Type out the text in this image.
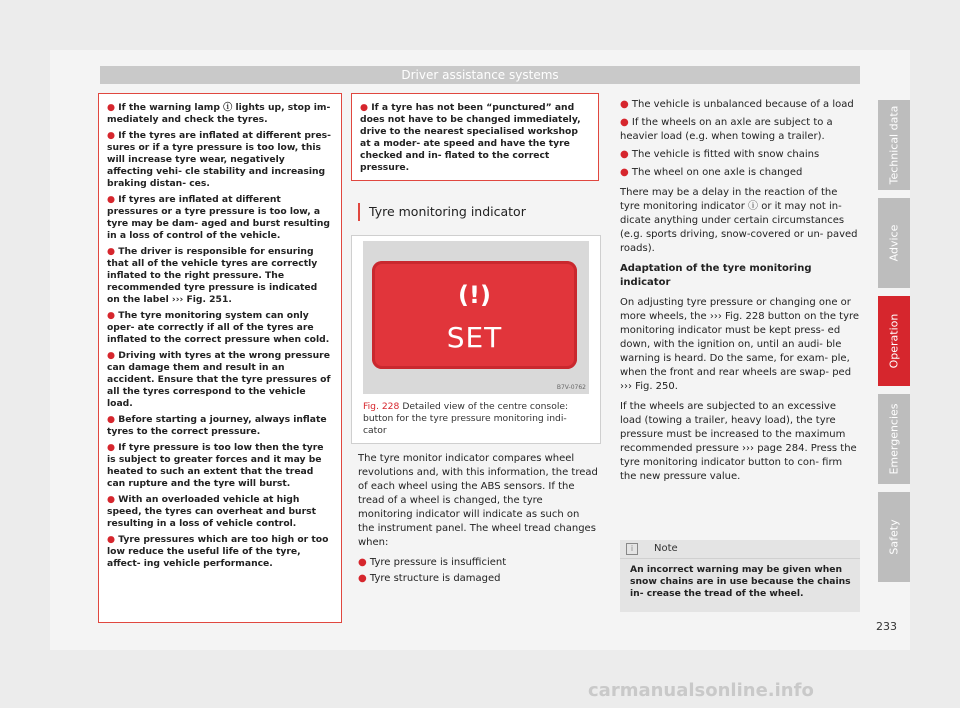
Driver assistance systems

● If the warning lamp ⓘ lights up, stop im- mediately and check the tyres.

● If the tyres are inflated at different pres- sures or if a tyre pressure is too low, this will increase tyre wear, negatively affecting vehi- cle stability and increasing braking distan- ces.

● If tyres are inflated at different pressures or a tyre pressure is too low, a tyre may be dam- aged and burst resulting in a loss of control of the vehicle.

● The driver is responsible for ensuring that all of the vehicle tyres are correctly inflated to the right pressure. The recommended tyre pressure is indicated on the label ››› Fig. 251.

● The tyre monitoring system can only oper- ate correctly if all of the tyres are inflated to the correct pressure when cold.

● Driving with tyres at the wrong pressure can damage them and result in an accident. Ensure that the tyre pressures of all the tyres correspond to the vehicle load.

● Before starting a journey, always inflate tyres to the correct pressure.

● If tyre pressure is too low then the tyre is subject to greater forces and it may be heated to such an extent that the tread can rupture and the tyre will burst.

● With an overloaded vehicle at high speed, the tyres can overheat and burst resulting in a loss of vehicle control.

● Tyre pressures which are too high or too low reduce the useful life of the tyre, affect- ing vehicle performance.

● If a tyre has not been “punctured” and does not have to be changed immediately, drive to the nearest specialised workshop at a moder- ate speed and have the tyre checked and in- flated to the correct pressure.

Tyre monitoring indicator
(!)
SET
B7V-0762
Fig. 228 Detailed view of the centre console: button for the tyre pressure monitoring indi- cator

The tyre monitor indicator compares wheel revolutions and, with this information, the tread of each wheel using the ABS sensors. If the tread of a wheel is changed, the tyre monitoring indicator will indicate as such on the instrument panel. The wheel tread changes when:

● Tyre pressure is insufficient

● Tyre structure is damaged

● The vehicle is unbalanced because of a load

● If the wheels on an axle are subject to a heavier load (e.g. when towing a trailer).

● The vehicle is fitted with snow chains

● The wheel on one axle is changed

There may be a delay in the reaction of the tyre monitoring indicator ⓘ or it may not in- dicate anything under certain circumstances (e.g. sports driving, snow-covered or un- paved roads).

Adaptation of the tyre monitoring indicator

On adjusting tyre pressure or changing one or more wheels, the ››› Fig. 228 button on the tyre monitoring indicator must be kept press- ed down, with the ignition on, until an audi- ble warning is heard. Do the same, for exam- ple, when the front and rear wheels are swap- ped ››› Fig. 250.

If the wheels are subjected to an excessive load (towing a trailer, heavy load), the tyre pressure must be increased to the maximum recommended pressure ››› page 284. Press the tyre monitoring indicator button to con- firm the new pressure value.

i	Note
An incorrect warning may be given when snow chains are in use because the chains in- crease the tread of the wheel.
Technical data
Advice
Operation
Emergencies
Safety
233
carmanualsonline.info
